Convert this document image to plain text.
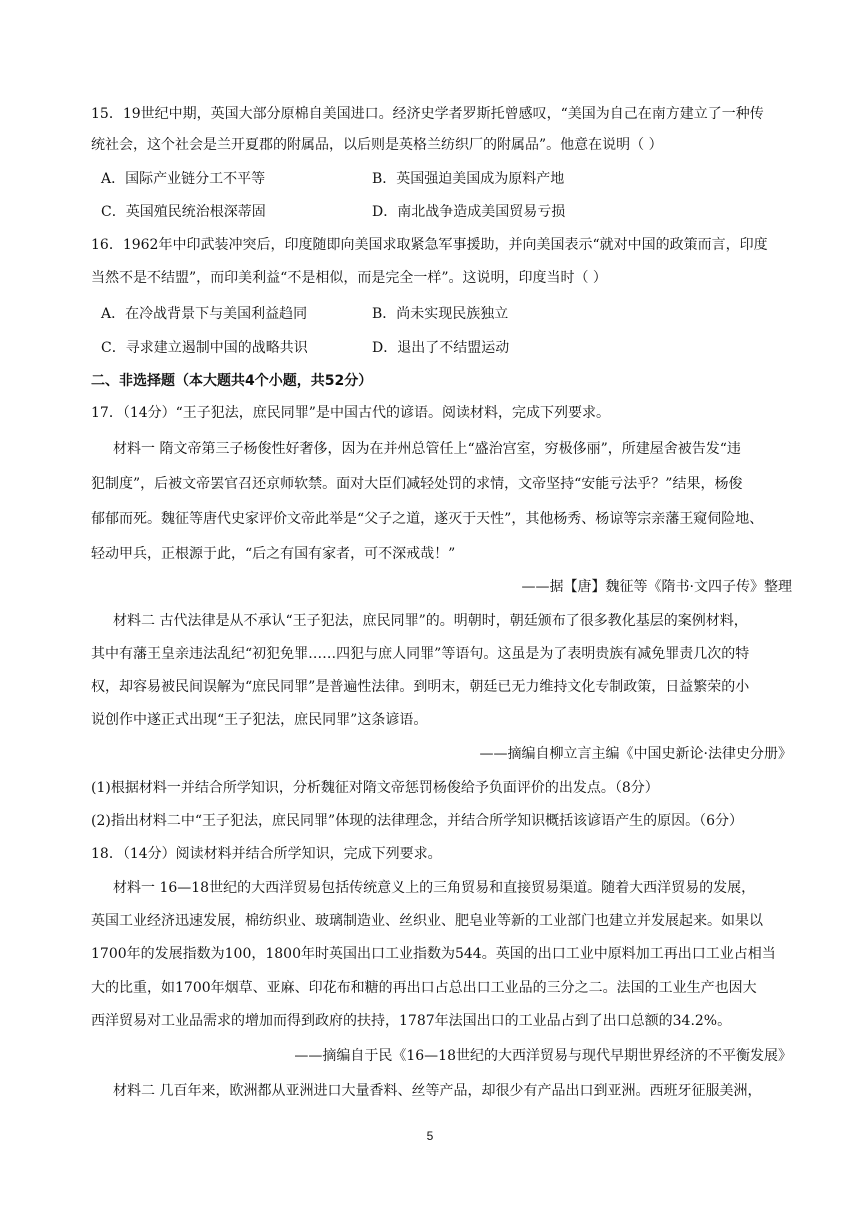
15．19世纪中期，英国大部分原棉自美国进口。经济史学者罗斯托曾感叹，“美国为自己在南方建立了一种传
统社会，这个社会是兰开夏郡的附属品，以后则是英格兰纺织厂的附属品”。他意在说明（ ）
A．国际产业链分工不平等	B．英国强迫美国成为原料产地
C．英国殖民统治根深蒂固	D．南北战争造成美国贸易亏损
16．1962年中印武装冲突后，印度随即向美国求取紧急军事援助，并向美国表示“就对中国的政策而言，印度
当然不是不结盟”，而印美利益“不是相似，而是完全一样”。这说明，印度当时（ ）
A．在冷战背景下与美国利益趋同	B．尚未实现民族独立
C．寻求建立遏制中国的战略共识	D．退出了不结盟运动
二、非选择题（本大题共4个小题，共52分）
17．（14分）“王子犯法，庶民同罪”是中国古代的谚语。阅读材料，完成下列要求。
材料一 隋文帝第三子杨俊性好奢侈，因为在并州总管任上“盛治宫室，穷极侈丽”，所建屋舍被告发“违
犯制度”，后被文帝罢官召还京师软禁。面对大臣们减轻处罚的求情，文帝坚持“安能亏法乎？”结果，杨俊
郁郁而死。魏征等唐代史家评价文帝此举是“父子之道，遂灭于天性”，其他杨秀、杨谅等宗亲藩王窥伺险地、
轻动甲兵，正根源于此，“后之有国有家者，可不深戒哉！”
——据【唐】魏征等《隋书·文四子传》整理
材料二 古代法律是从不承认“王子犯法，庶民同罪”的。明朝时，朝廷颁布了很多教化基层的案例材料，
其中有藩王皇亲违法乱纪“初犯免罪……四犯与庶人同罪”等语句。这虽是为了表明贵族有减免罪责几次的特
权，却容易被民间误解为“庶民同罪”是普遍性法律。到明末，朝廷已无力维持文化专制政策，日益繁荣的小
说创作中遂正式出现“王子犯法，庶民同罪”这条谚语。
——摘编自柳立言主编《中国史新论·法律史分册》
(1)根据材料一并结合所学知识，分析魏征对隋文帝惩罚杨俊给予负面评价的出发点。（8分）
(2)指出材料二中“王子犯法，庶民同罪”体现的法律理念，并结合所学知识概括该谚语产生的原因。（6分）
18．（14分）阅读材料并结合所学知识，完成下列要求。
材料一 16—18世纪的大西洋贸易包括传统意义上的三角贸易和直接贸易渠道。随着大西洋贸易的发展，
英国工业经济迅速发展，棉纺织业、玻璃制造业、丝织业、肥皂业等新的工业部门也建立并发展起来。如果以
1700年的发展指数为100，1800年时英国出口工业指数为544。英国的出口工业中原料加工再出口工业占相当
大的比重，如1700年烟草、亚麻、印花布和糖的再出口占总出口工业品的三分之二。法国的工业生产也因大
西洋贸易对工业品需求的增加而得到政府的扶持，1787年法国出口的工业品占到了出口总额的34.2%。
——摘编自于民《16—18世纪的大西洋贸易与现代早期世界经济的不平衡发展》
材料二 几百年来，欧洲都从亚洲进口大量香料、丝等产品，却很少有产品出口到亚洲。西班牙征服美洲，
5
